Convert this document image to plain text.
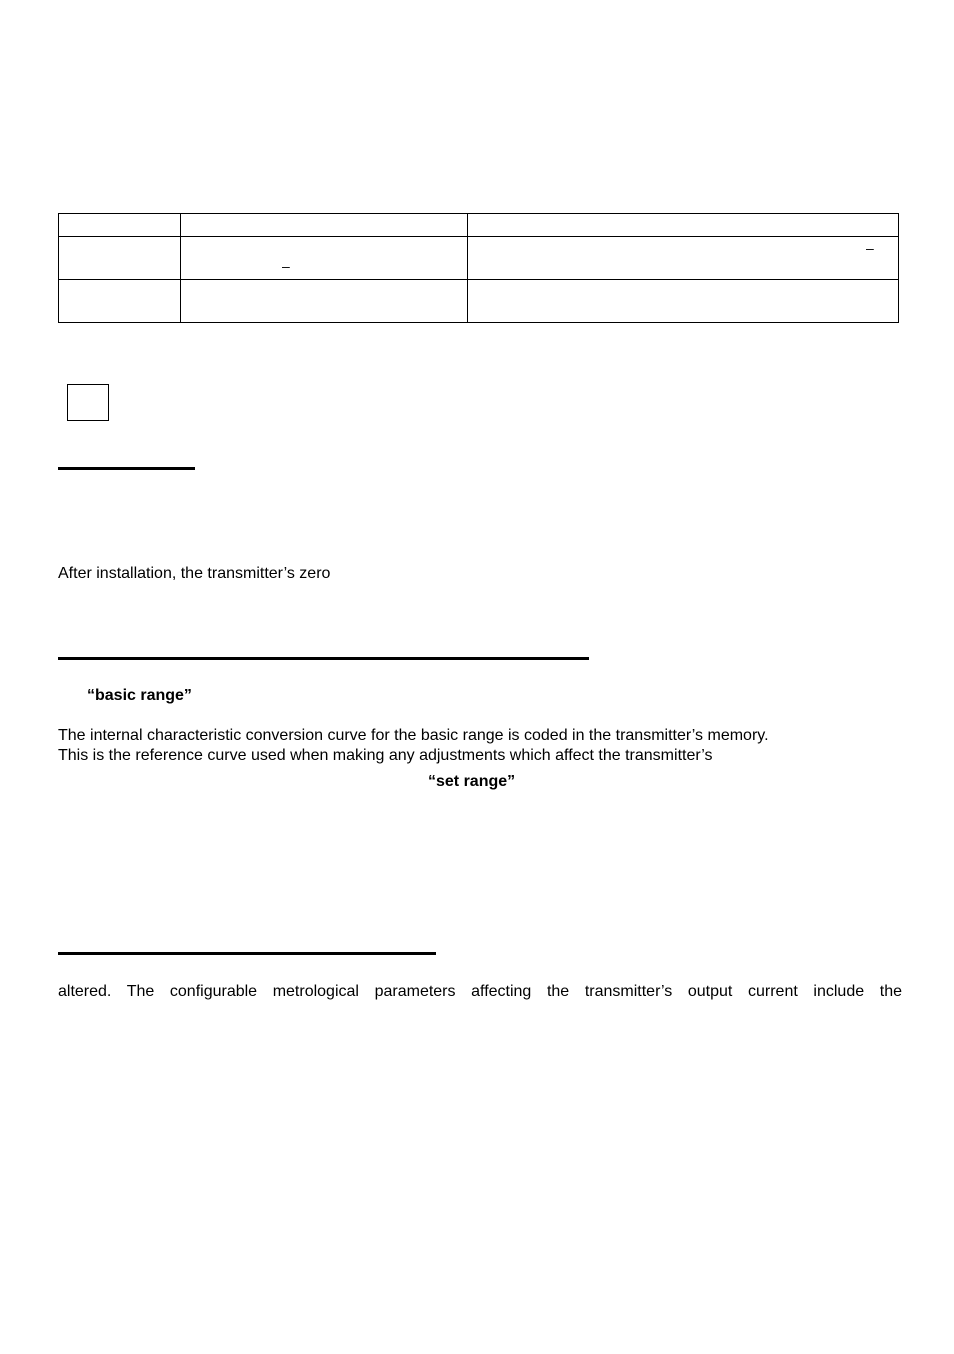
	–	–

After installation, the transmitter’s zero
“basic range”
The internal characteristic conversion curve for the basic range is coded in the transmitter’s memory.
This is the reference curve used when making any adjustments which affect the transmitter’s
“set range”
altered. The configurable metrological parameters affecting the transmitter’s output current include the
